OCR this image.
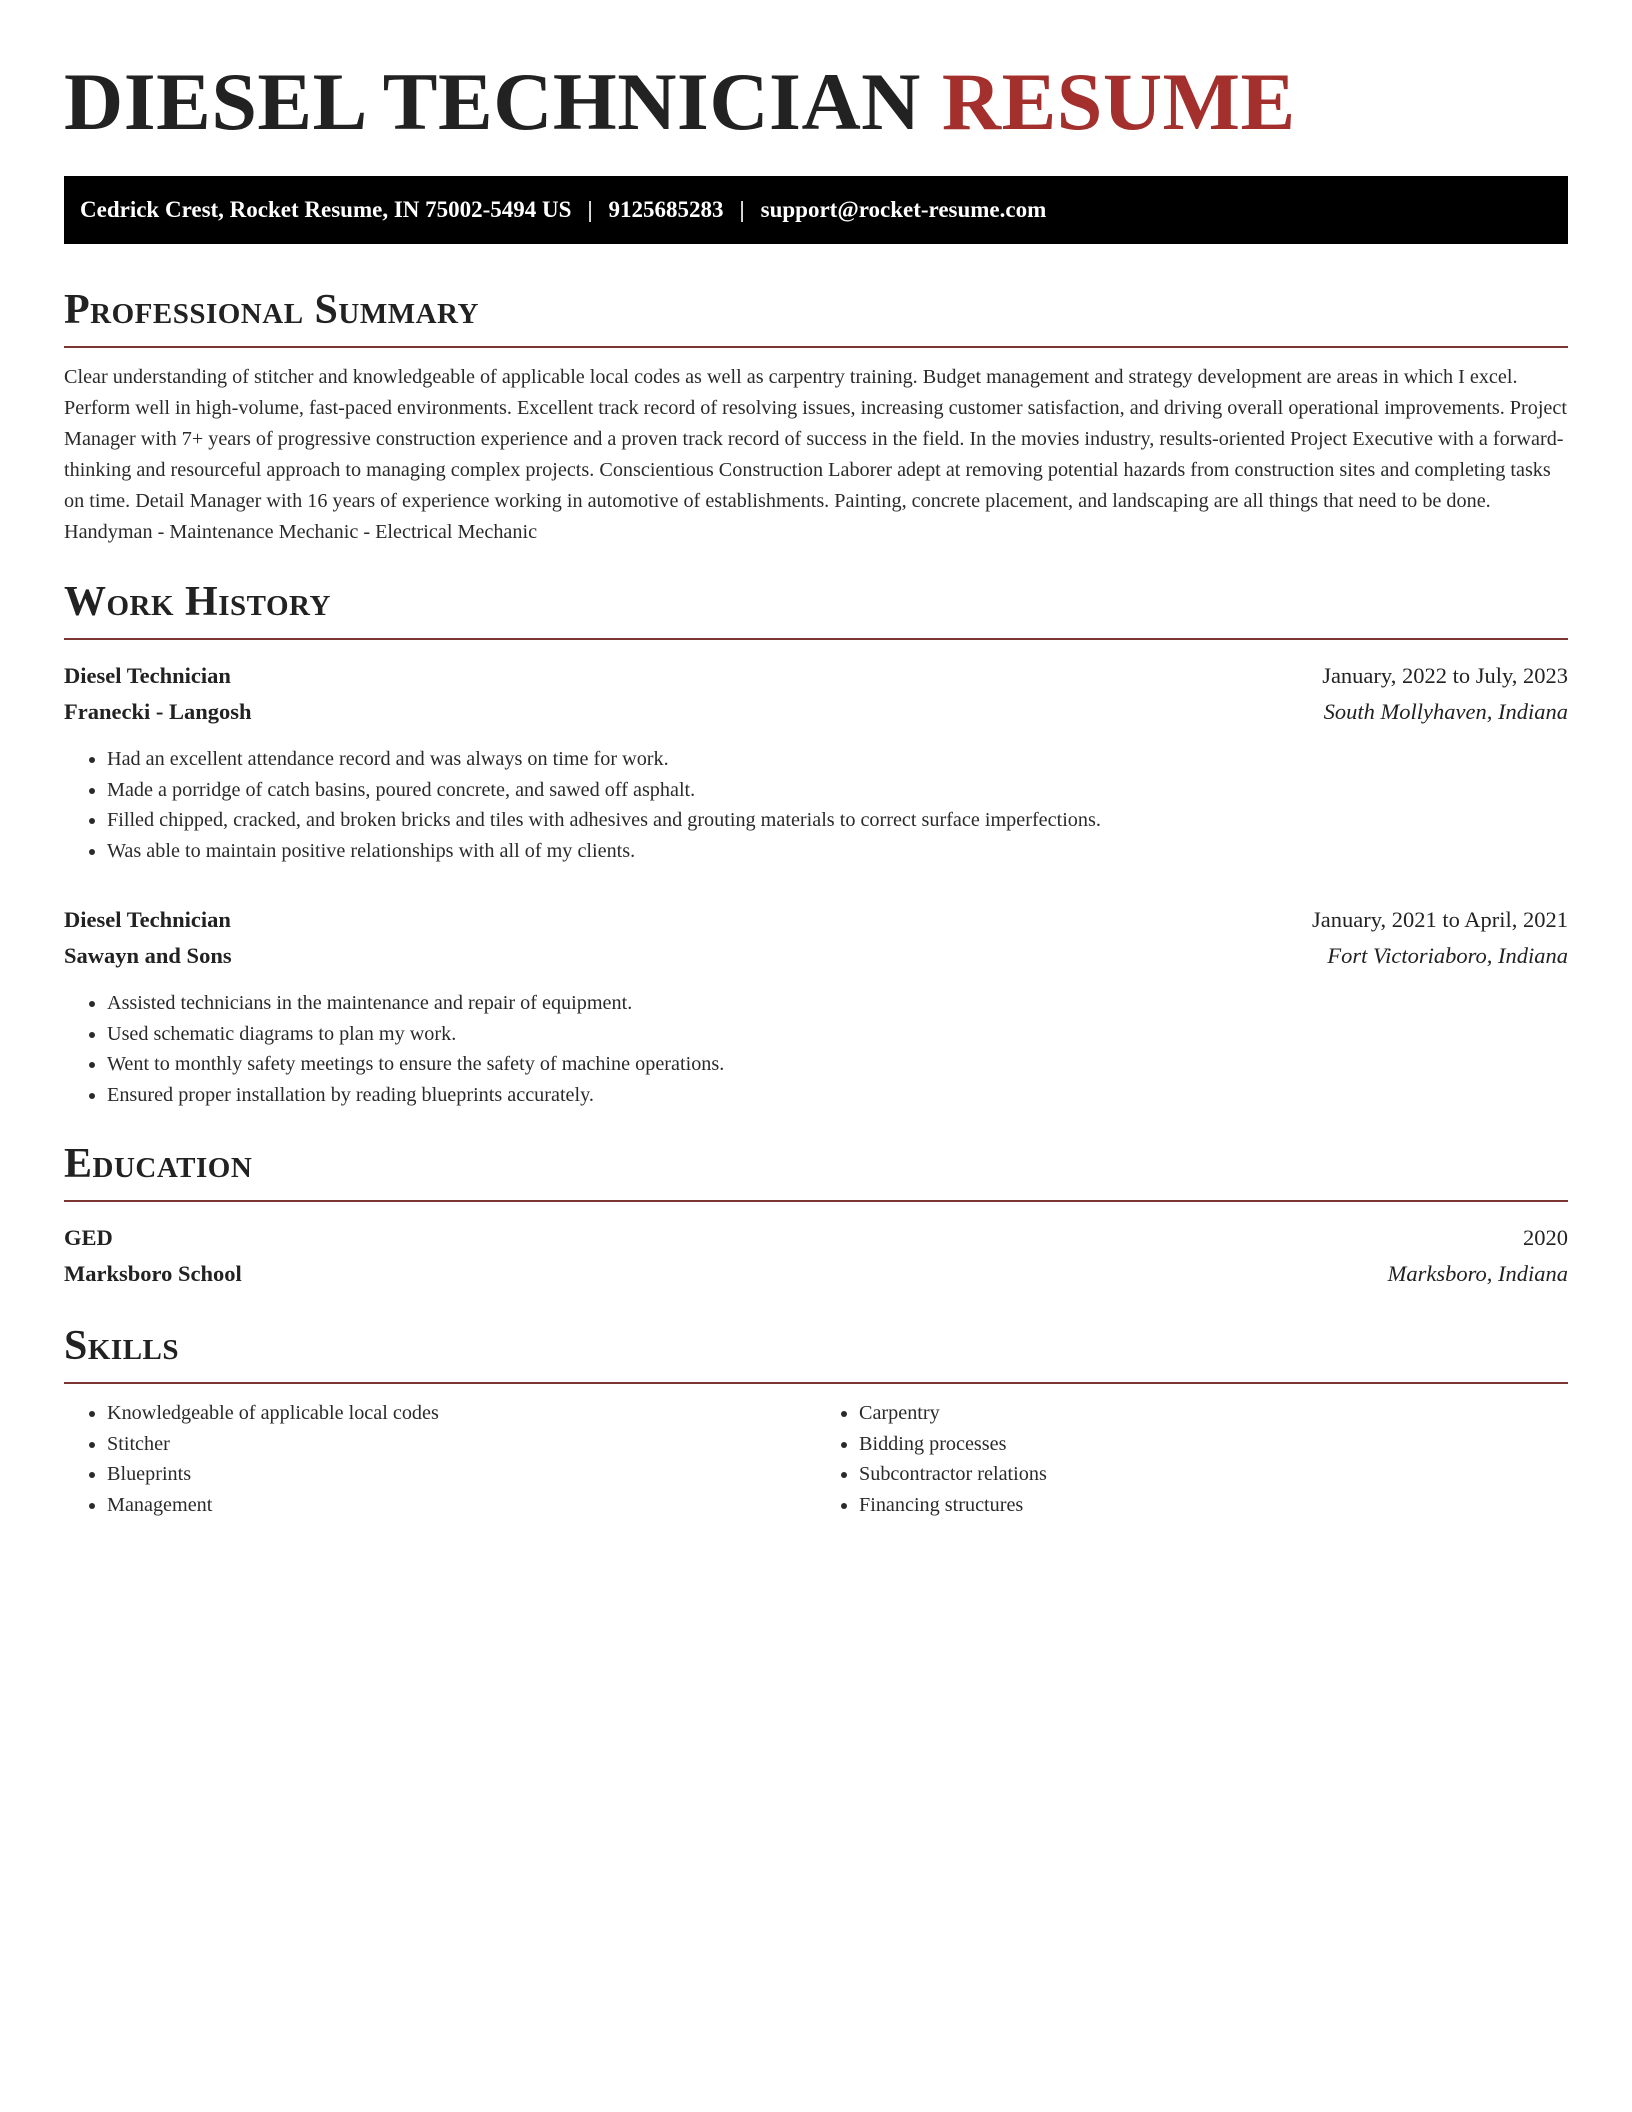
DIESEL TECHNICIAN RESUME
Cedrick Crest, Rocket Resume, IN 75002-5494 US | 9125685283 | support@rocket-resume.com
Professional Summary

Clear understanding of stitcher and knowledgeable of applicable local codes as well as carpentry training. Budget management and strategy development are areas in which I excel. Perform well in high-volume, fast-paced environments. Excellent track record of resolving issues, increasing customer satisfaction, and driving overall operational improvements. Project Manager with 7+ years of progressive construction experience and a proven track record of success in the field. In the movies industry, results-oriented Project Executive with a forward-thinking and resourceful approach to managing complex projects. Conscientious Construction Laborer adept at removing potential hazards from construction sites and completing tasks on time. Detail Manager with 16 years of experience working in automotive of establishments. Painting, concrete placement, and landscaping are all things that need to be done. Handyman - Maintenance Mechanic - Electrical Mechanic

Work History
Diesel Technician	January, 2022 to July, 2023
Franecki - Langosh	South Mollyhaven, Indiana
• Had an excellent attendance record and was always on time for work.
• Made a porridge of catch basins, poured concrete, and sawed off asphalt.
• Filled chipped, cracked, and broken bricks and tiles with adhesives and grouting materials to correct surface imperfections.
• Was able to maintain positive relationships with all of my clients.
Diesel Technician	January, 2021 to April, 2021
Sawayn and Sons	Fort Victoriaboro, Indiana
• Assisted technicians in the maintenance and repair of equipment.
• Used schematic diagrams to plan my work.
• Went to monthly safety meetings to ensure the safety of machine operations.
• Ensured proper installation by reading blueprints accurately.
Education
GED	2020
Marksboro School	Marksboro, Indiana
Skills
• Knowledgeable of applicable local codes
• Stitcher
• Blueprints
• Management
• Carpentry
• Bidding processes
• Subcontractor relations
• Financing structures
